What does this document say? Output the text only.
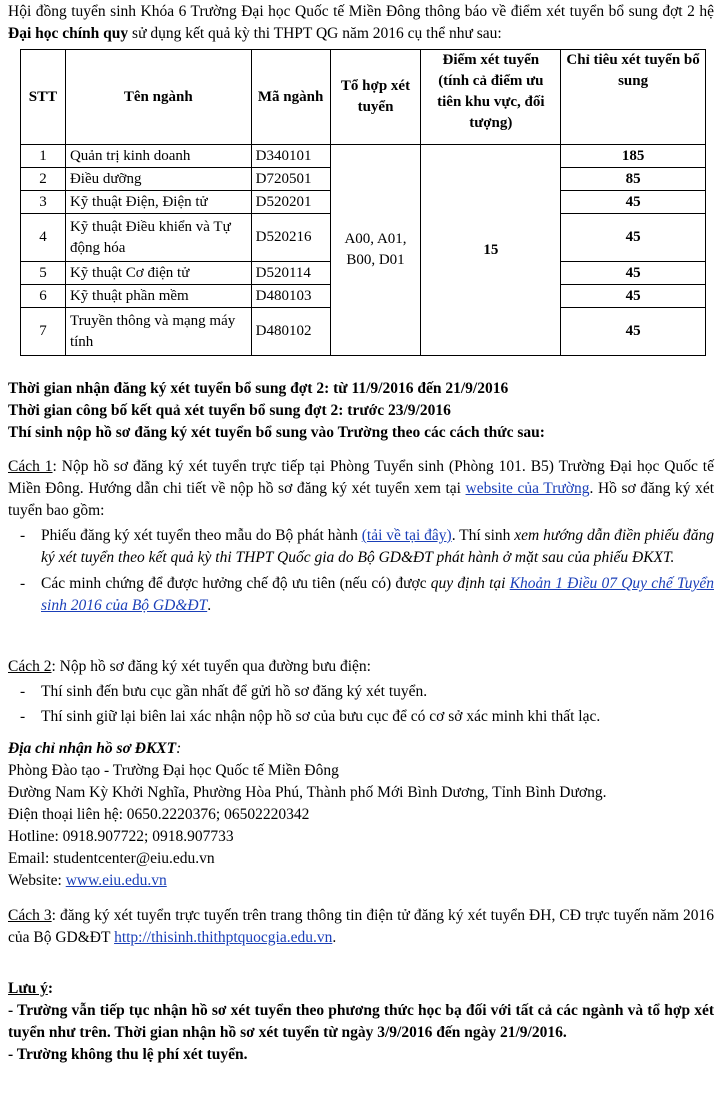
Hội đồng tuyển sinh Khóa 6 Trường Đại học Quốc tế Miền Đông thông báo về điểm xét tuyển bổ sung đợt 2 hệ Đại học chính quy sử dụng kết quả kỳ thi THPT QG năm 2016 cụ thể như sau:
STT	Tên ngành	Mã ngành	Tổ hợp xét tuyển	Điểm xét tuyển (tính cả điểm ưu tiên khu vực, đối tượng)	Chỉ tiêu xét tuyển bổ sung
1	Quản trị kinh doanh	D340101	A00, A01, B00, D01	15	185
2	Điều dưỡng	D720501			85
3	Kỹ thuật Điện, Điện tử	D520201			45
4	Kỹ thuật Điều khiển và Tự động hóa	D520216			45
5	Kỹ thuật Cơ điện tử	D520114			45
6	Kỹ thuật phần mềm	D480103			45
7	Truyền thông và mạng máy tính	D480102			45
Thời gian nhận đăng ký xét tuyển bổ sung đợt 2: từ 11/9/2016 đến 21/9/2016
Thời gian công bố kết quả xét tuyển bổ sung đợt 2: trước 23/9/2016
Thí sinh nộp hồ sơ đăng ký xét tuyển bổ sung vào Trường theo các cách thức sau:
Cách 1: Nộp hồ sơ đăng ký xét tuyển trực tiếp tại Phòng Tuyển sinh (Phòng 101. B5) Trường Đại học Quốc tế Miền Đông. Hướng dẫn chi tiết về nộp hồ sơ đăng ký xét tuyển xem tại website của Trường. Hồ sơ đăng ký xét tuyển bao gồm:
- Phiếu đăng ký xét tuyển theo mẫu do Bộ phát hành (tải về tại đây). Thí sinh xem hướng dẫn điền phiếu đăng ký xét tuyển theo kết quả kỳ thi THPT Quốc gia do Bộ GD&ĐT phát hành ở mặt sau của phiếu ĐKXT.
- Các minh chứng để được hưởng chế độ ưu tiên (nếu có) được quy định tại Khoản 1 Điều 07 Quy chế Tuyển sinh 2016 của Bộ GD&ĐT.
Cách 2: Nộp hồ sơ đăng ký xét tuyển qua đường bưu điện:
- Thí sinh đến bưu cục gần nhất để gửi hồ sơ đăng ký xét tuyển.
- Thí sinh giữ lại biên lai xác nhận nộp hồ sơ của bưu cục để có cơ sở xác minh khi thất lạc.
Địa chỉ nhận hồ sơ ĐKXT:
Phòng Đào tạo - Trường Đại học Quốc tế Miền Đông
Đường Nam Kỳ Khởi Nghĩa, Phường Hòa Phú, Thành phố Mới Bình Dương, Tỉnh Bình Dương.
Điện thoại liên hệ: 0650.2220376; 06502220342
Hotline: 0918.907722; 0918.907733
Email: studentcenter@eiu.edu.vn
Website: www.eiu.edu.vn
Cách 3: đăng ký xét tuyển trực tuyến trên trang thông tin điện tử đăng ký xét tuyển ĐH, CĐ trực tuyến năm 2016 của Bộ GD&ĐT http://thisinh.thithptquocgia.edu.vn.
Lưu ý:
- Trường vẫn tiếp tục nhận hồ sơ xét tuyển theo phương thức học bạ đối với tất cả các ngành và tổ hợp xét tuyển như trên. Thời gian nhận hồ sơ xét tuyển từ ngày 3/9/2016 đến ngày 21/9/2016.
- Trường không thu lệ phí xét tuyển.
